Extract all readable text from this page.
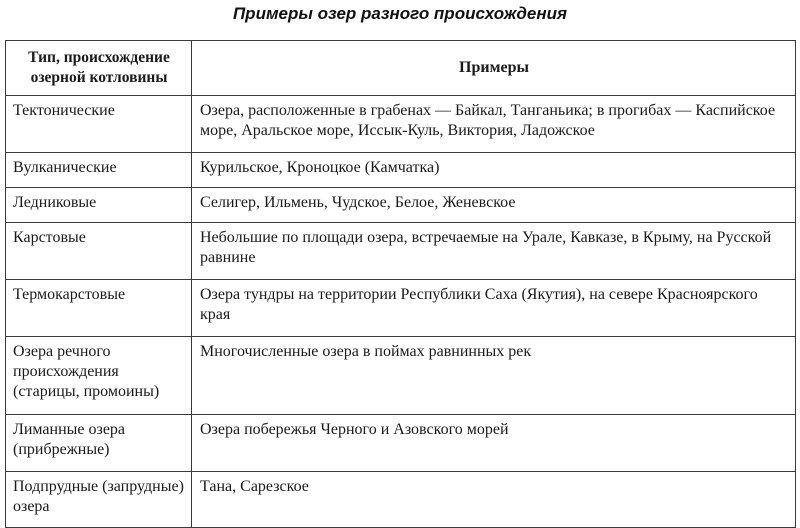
Примеры озер разного происхождения
Тип, происхождение озерной котловины	Примеры
Тектонические	Озера, расположенные в грабенах — Байкал, Танганьика; в прогибах — Каспийское море, Аральское море, Иссык-Куль, Виктория, Ладожское
Вулканические	Курильское, Кроноцкое (Камчатка)
Ледниковые	Селигер, Ильмень, Чудское, Белое, Женевское
Карстовые	Небольшие по площади озера, встречаемые на Урале, Кавказе, в Крыму, на Русской равнине
Термокарстовые	Озера тундры на территории Республики Саха (Якутия), на севере Красноярского края
Озера речного происхождения (старицы, промоины)	Многочисленные озера в поймах равнинных рек
Лиманные озера (прибрежные)	Озера побережья Черного и Азовского морей
Подпрудные (запрудные) озера	Тана, Сарезское
